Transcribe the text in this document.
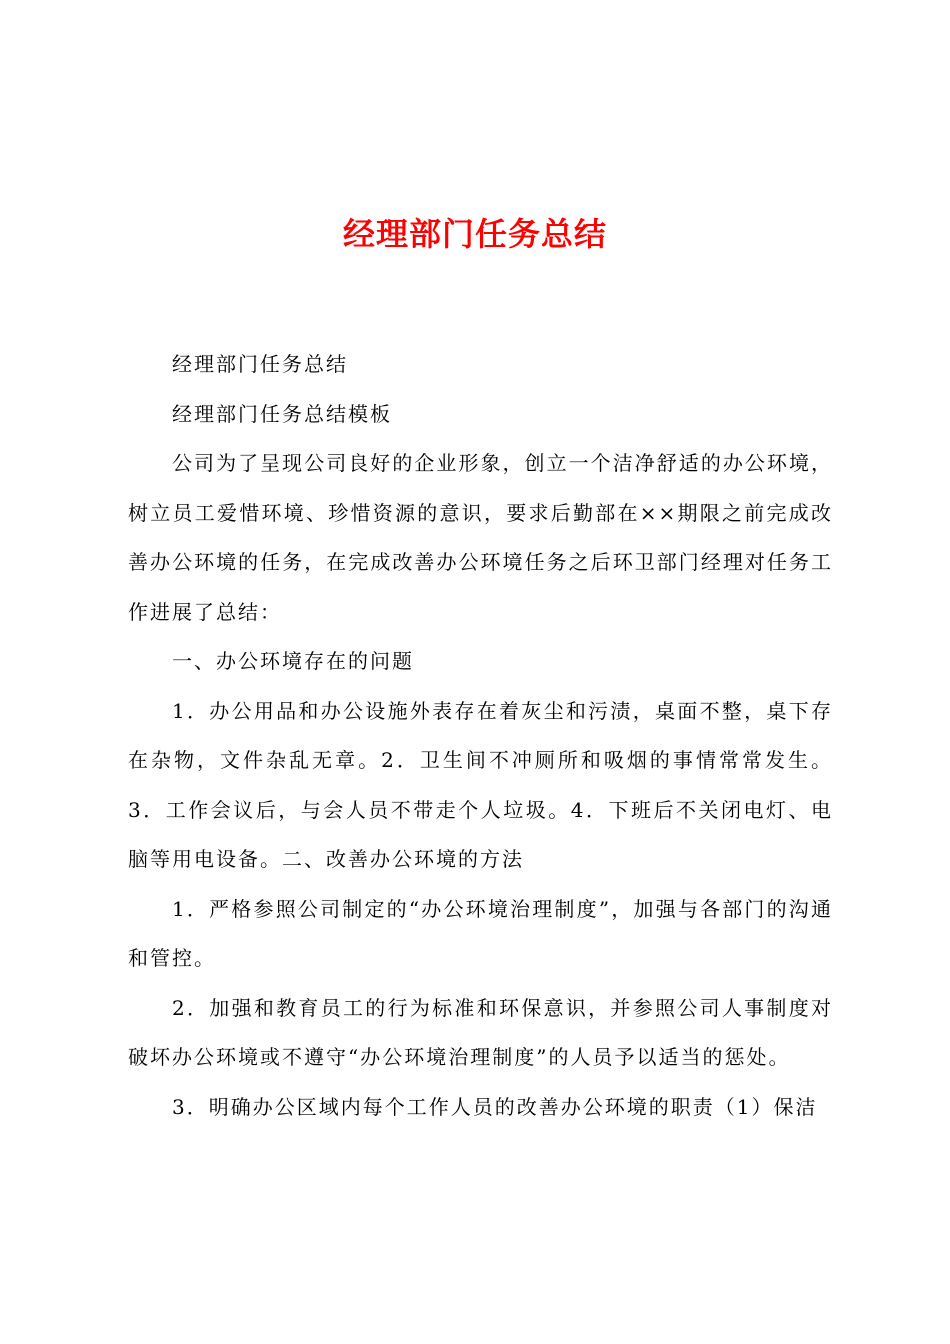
经理部门任务总结

经理部门任务总结

经理部门任务总结模板

公司为了呈现公司良好的企业形象，创立一个洁净舒适的办公环境，树立员工爱惜环境、珍惜资源的意识，要求后勤部在××期限之前完成改善办公环境的任务，在完成改善办公环境任务之后环卫部门经理对任务工作进展了总结：

一、办公环境存在的问题

1．办公用品和办公设施外表存在着灰尘和污渍，桌面不整，桌下存在杂物，文件杂乱无章。2．卫生间不冲厕所和吸烟的事情常常发生。3．工作会议后，与会人员不带走个人垃圾。4．下班后不关闭电灯、电脑等用电设备。二、改善办公环境的方法

1．严格参照公司制定的“办公环境治理制度”，加强与各部门的沟通和管控。

2．加强和教育员工的行为标准和环保意识，并参照公司人事制度对破坏办公环境或不遵守“办公环境治理制度”的人员予以适当的惩处。

3．明确办公区域内每个工作人员的改善办公环境的职责（1）保洁
